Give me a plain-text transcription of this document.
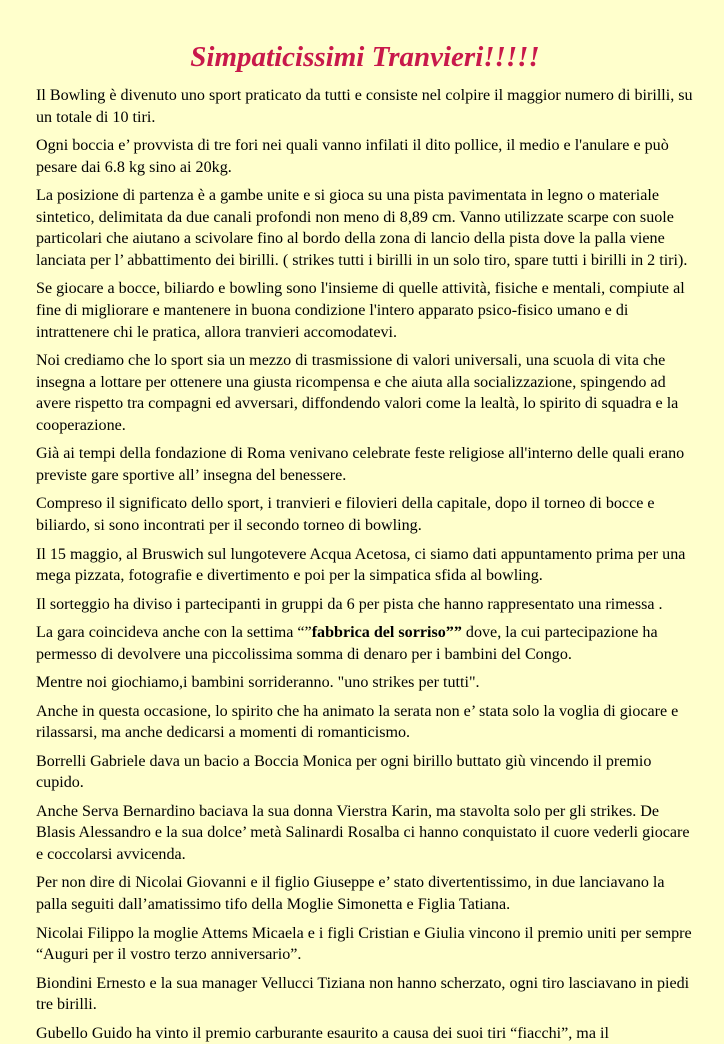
Simpaticissimi Tranvieri!!!!!

Il Bowling è divenuto uno sport praticato da tutti e consiste nel colpire il maggior numero di birilli, su un totale di 10 tiri.

Ogni boccia e’ provvista di tre fori nei quali vanno infilati il dito pollice, il medio e l'anulare e può pesare dai 6.8 kg sino ai 20kg.

La posizione di partenza è a gambe unite e si gioca su una pista pavimentata in legno o materiale sintetico, delimitata da due canali profondi non meno di 8,89 cm. Vanno utilizzate scarpe con suole particolari che aiutano a scivolare fino al bordo della zona di lancio della pista dove la palla viene lanciata per l’ abbattimento dei birilli. ( strikes tutti i birilli in un solo tiro, spare tutti i birilli in 2 tiri).

Se giocare a bocce, biliardo e bowling sono l'insieme di quelle attività, fisiche e mentali, compiute al fine di migliorare e mantenere in buona condizione l'intero apparato psico-fisico umano e di intrattenere chi le pratica, allora tranvieri accomodatevi.

Noi crediamo che lo sport sia un mezzo di trasmissione di valori universali, una scuola di vita che insegna a lottare per ottenere una giusta ricompensa e che aiuta alla socializzazione, spingendo ad avere rispetto tra compagni ed avversari, diffondendo valori come la lealtà, lo spirito di squadra e la cooperazione.

Già ai tempi della fondazione di Roma venivano celebrate feste religiose all'interno delle quali erano previste gare sportive all’ insegna del benessere.

Compreso il significato dello sport, i tranvieri e filovieri della capitale, dopo il torneo di bocce e biliardo, si sono incontrati per il secondo torneo di bowling.

Il 15 maggio, al Bruswich sul lungotevere Acqua Acetosa, ci siamo dati appuntamento prima per una mega pizzata, fotografie e divertimento e poi per la simpatica sfida al bowling.

Il sorteggio ha diviso i partecipanti in gruppi da 6 per pista che hanno rappresentato una rimessa .

La gara coincideva anche con la settima “”fabbrica del sorriso”” dove, la cui partecipazione ha permesso di devolvere una piccolissima somma di denaro per i bambini del Congo.

Mentre noi giochiamo,i bambini sorrideranno. "uno strikes per tutti".

Anche in questa occasione, lo spirito che ha animato la serata non e’ stata solo la voglia di giocare e rilassarsi, ma anche dedicarsi a momenti di romanticismo.

Borrelli Gabriele dava un bacio a Boccia Monica per ogni birillo buttato giù vincendo il premio cupido.

Anche Serva Bernardino baciava la sua donna Vierstra Karin, ma stavolta solo per gli strikes. De Blasis Alessandro e la sua dolce’ metà Salinardi Rosalba ci hanno conquistato il cuore vederli giocare e coccolarsi avvicenda.

Per non dire di Nicolai Giovanni e il figlio Giuseppe e’ stato divertentissimo, in due lanciavano la palla seguiti dall’amatissimo tifo della Moglie Simonetta e Figlia Tatiana.

Nicolai Filippo la moglie Attems Micaela e i figli Cristian e Giulia vincono il premio uniti per sempre “Auguri per il vostro terzo anniversario”.

Biondini Ernesto e la sua manager Vellucci Tiziana non hanno scherzato, ogni tiro lasciavano in piedi tre birilli.

Gubello Guido ha vinto il premio carburante esaurito a causa dei suoi tiri “fiacchi”, ma il
